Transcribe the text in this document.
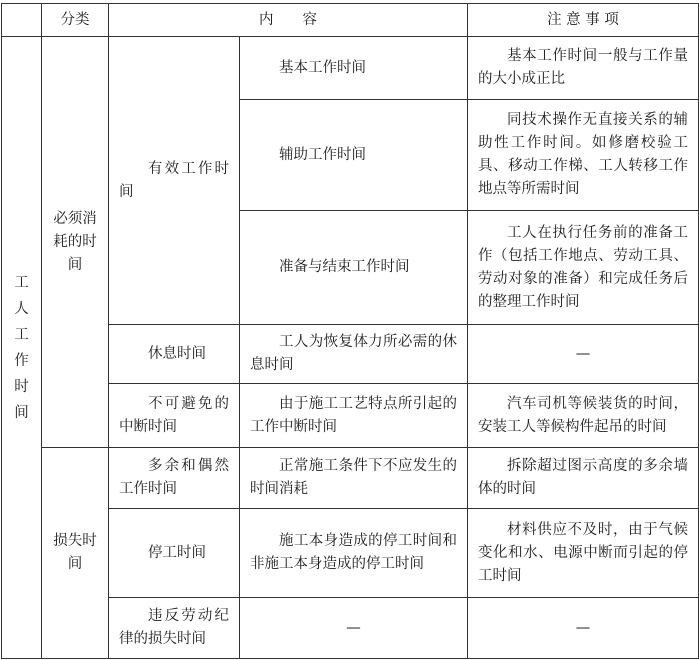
	分类	内　　容		注 意 事 项

工人工作时间	必须消耗的时间	有效工作时间	基本工作时间	基本工作时间一般与工作量的大小成正比
			辅助工作时间	同技术操作无直接关系的辅助性工作时间。如修磨校验工具、移动工作梯、工人转移工作地点等所需时间
			准备与结束工作时间	工人在执行任务前的准备工作（包括工作地点、劳动工具、劳动对象的准备）和完成任务后的整理工作时间
		休息时间	工人为恢复体力所必需的休息时间	—
		不可避免的中断时间	由于施工工艺特点所引起的工作中断时间	汽车司机等候装货的时间，安装工人等候构件起吊的时间
	损失时间	多余和偶然工作时间	正常施工条件下不应发生的时间消耗	拆除超过图示高度的多余墙体的时间
		停工时间	施工本身造成的停工时间和非施工本身造成的停工时间	材料供应不及时，由于气候变化和水、电源中断而引起的停工时间
		违反劳动纪律的损失时间	—	—
